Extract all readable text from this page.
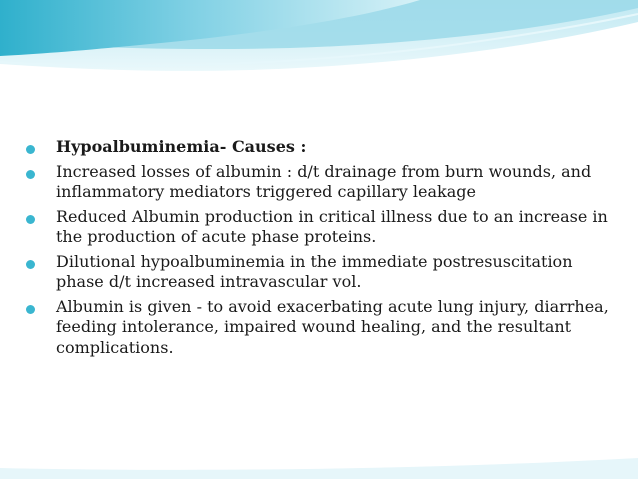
Hypoalbuminemia- Causes :
Increased losses of albumin : d/t drainage from burn wounds, and inflammatory mediators triggered capillary leakage
Reduced Albumin production in critical illness due to an increase in the production of acute phase proteins.
Dilutional hypoalbuminemia in the immediate postresuscitation phase d/t increased intravascular vol.
Albumin is given - to avoid exacerbating acute lung injury, diarrhea, feeding intolerance, impaired wound healing, and the resultant complications.
